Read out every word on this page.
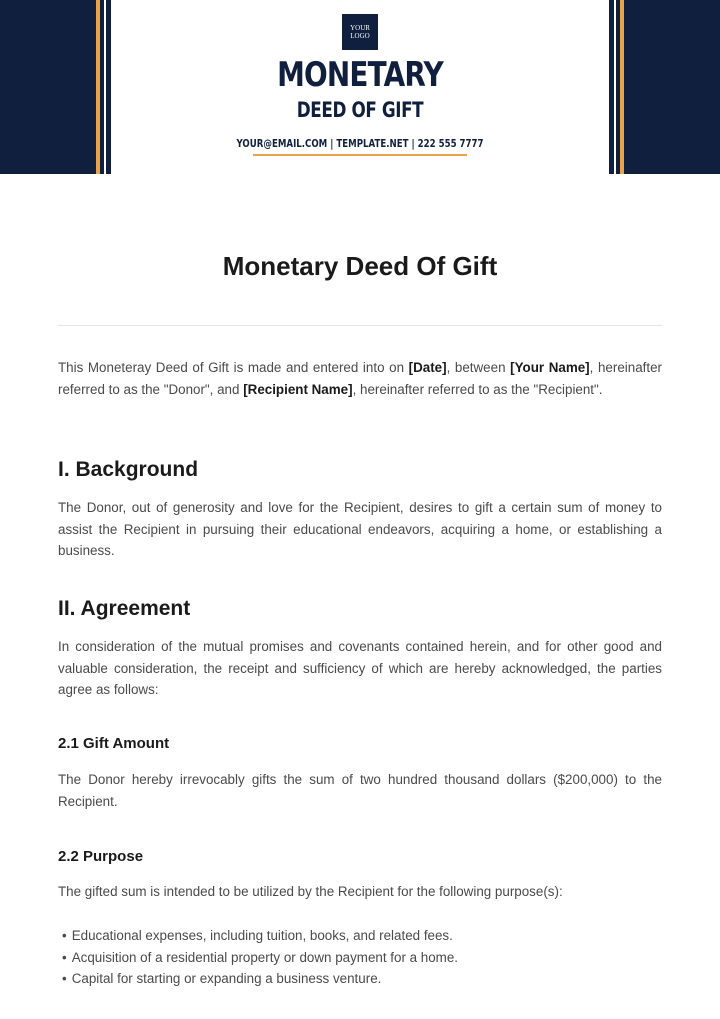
YOUR LOGO
MONETARY
DEED OF GIFT
YOUR@EMAIL.COM | TEMPLATE.NET | 222 555 7777
Monetary Deed Of Gift

This Moneteray Deed of Gift is made and entered into on [Date], between [Your Name], hereinafter referred to as the "Donor", and [Recipient Name], hereinafter referred to as the "Recipient".

I. Background

The Donor, out of generosity and love for the Recipient, desires to gift a certain sum of money to assist the Recipient in pursuing their educational endeavors, acquiring a home, or establishing a business.

II. Agreement

In consideration of the mutual promises and covenants contained herein, and for other good and valuable consideration, the receipt and sufficiency of which are hereby acknowledged, the parties agree as follows:

2.1 Gift Amount

The Donor hereby irrevocably gifts the sum of two hundred thousand dollars ($200,000) to the Recipient.

2.2 Purpose

The gifted sum is intended to be utilized by the Recipient for the following purpose(s):

• Educational expenses, including tuition, books, and related fees.
• Acquisition of a residential property or down payment for a home.
• Capital for starting or expanding a business venture.
